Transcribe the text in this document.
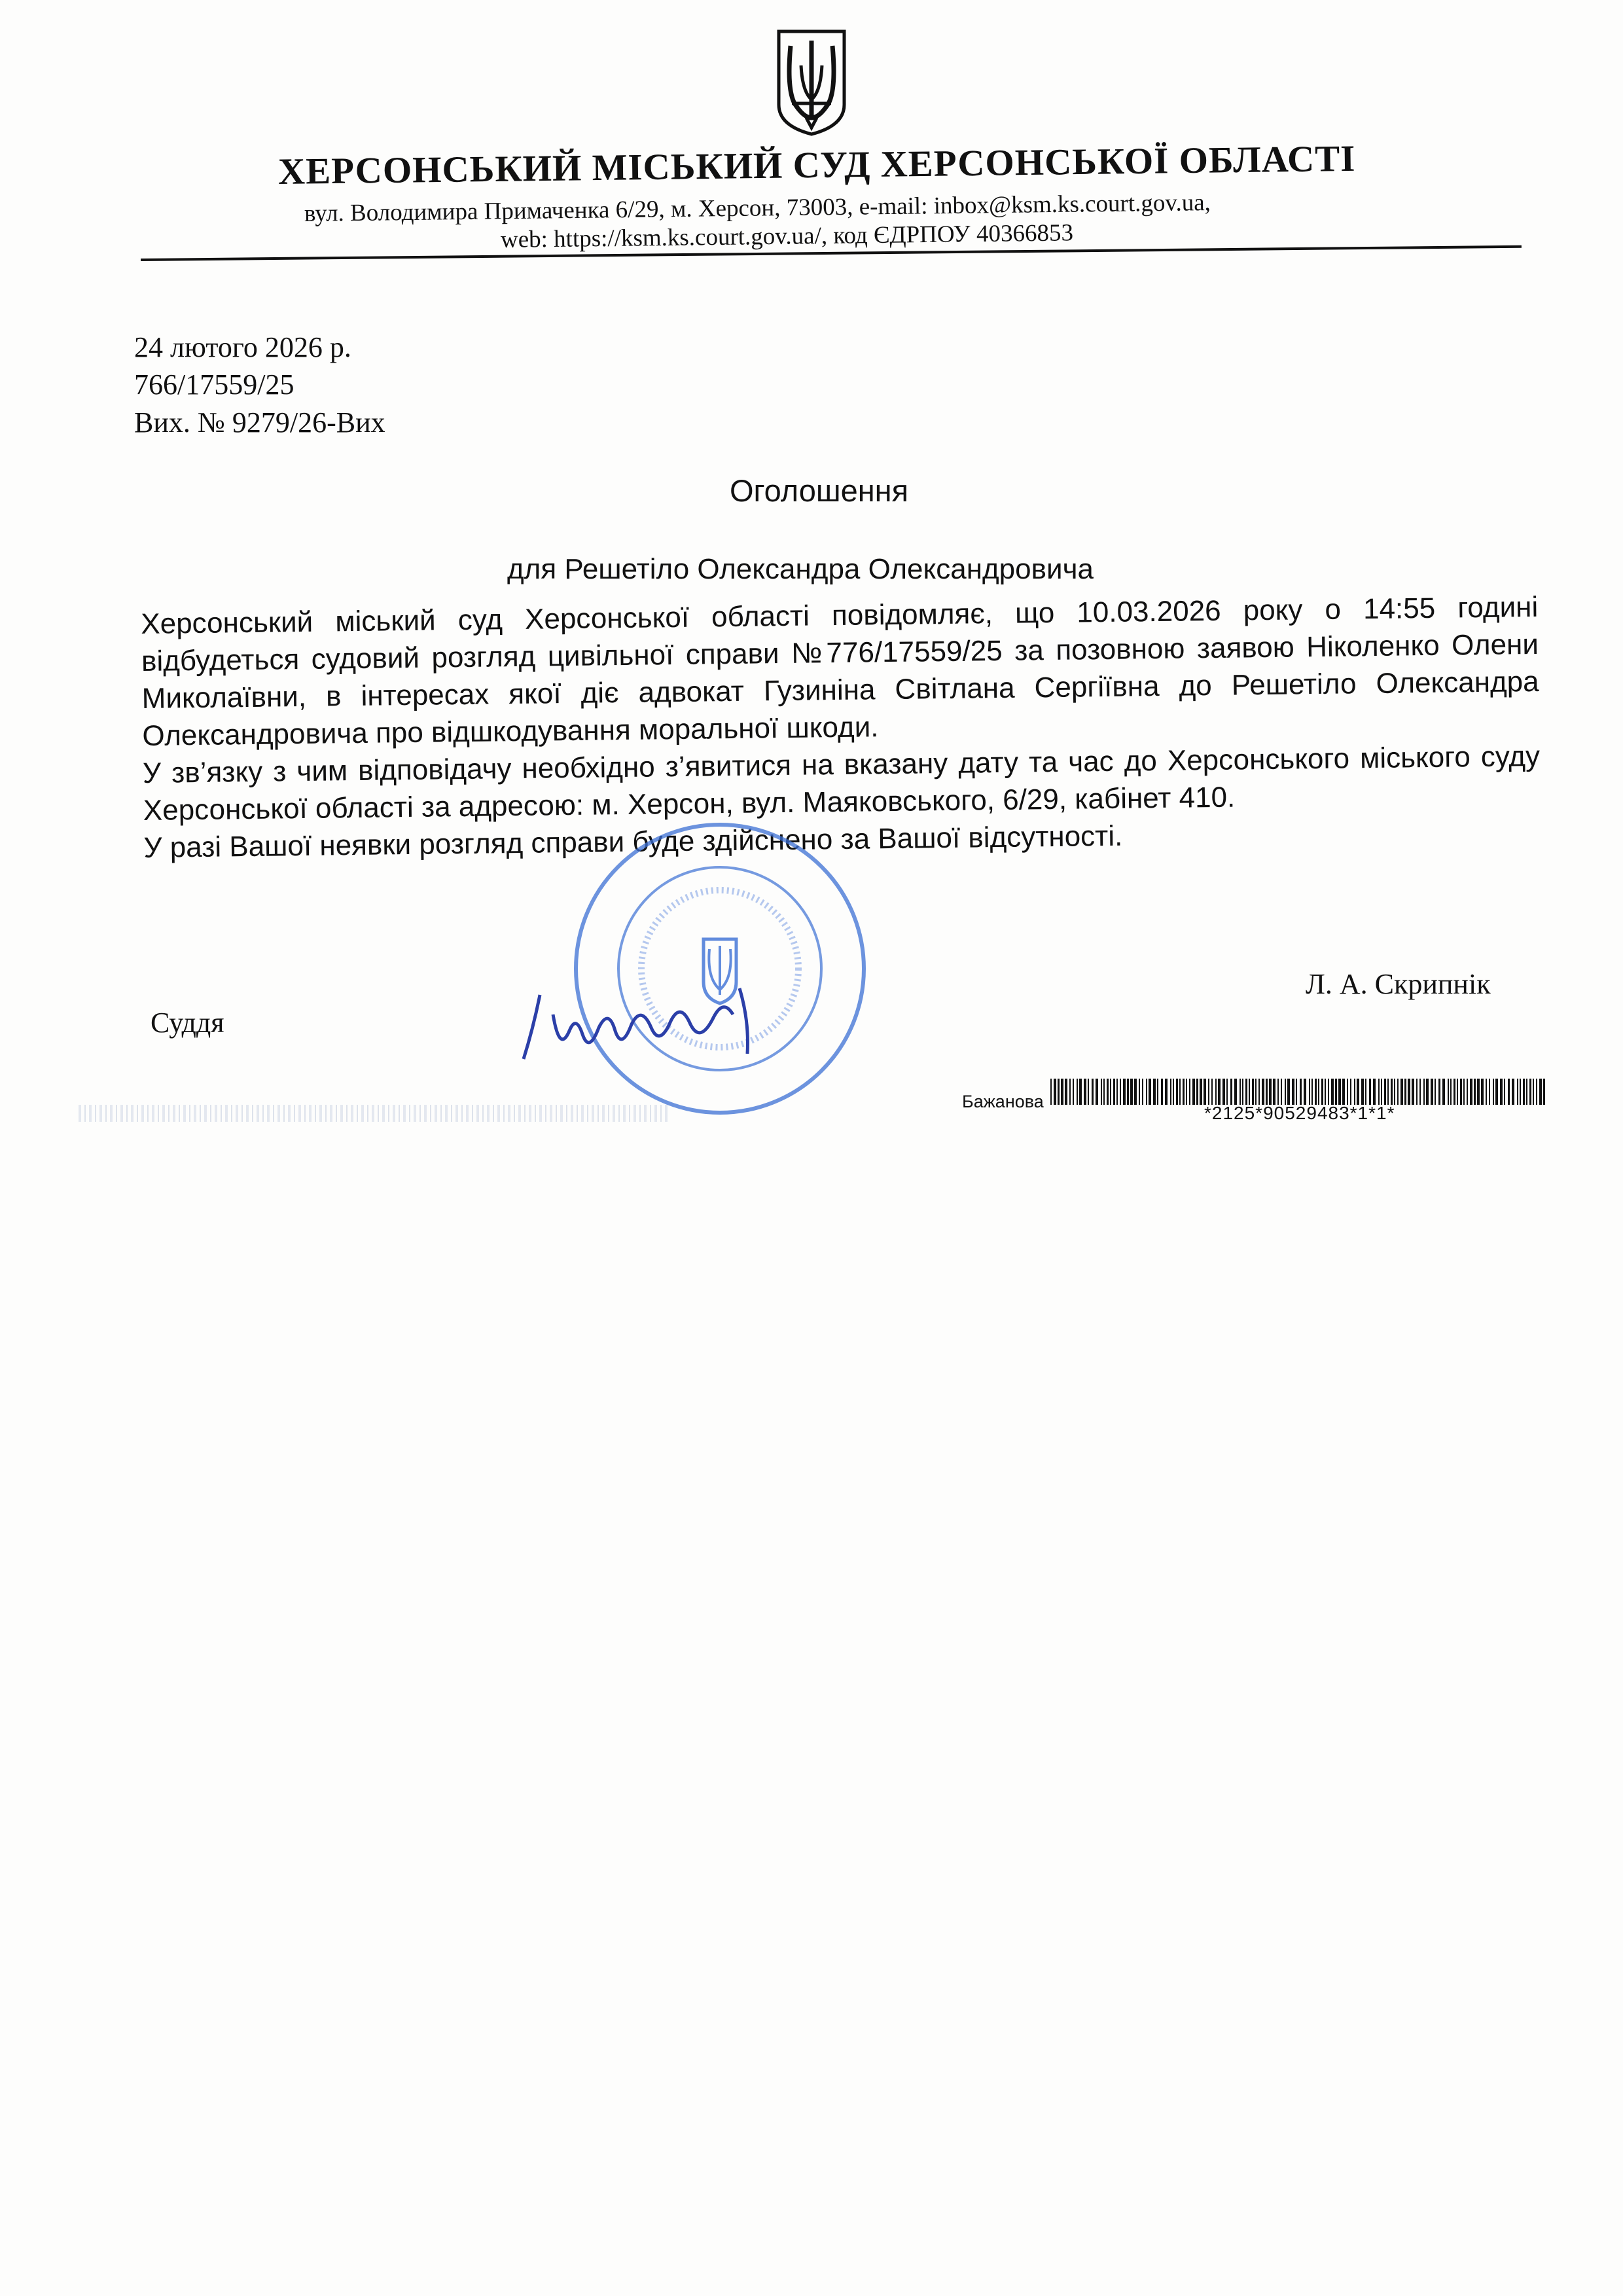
ХЕРСОНСЬКИЙ МІСЬКИЙ СУД ХЕРСОНСЬКОЇ ОБЛАСТІ
вул. Володимира Примаченка 6/29, м. Херсон, 73003, e-mail: inbox@ksm.ks.court.gov.ua,
web: https://ksm.ks.court.gov.ua/, код ЄДРПОУ 40366853
24 лютого 2026 р.
766/17559/25
Вих. № 9279/26-Вих
Оголошення
для Решетіло Олександра Олександровича

Херсонський міський суд Херсонської області повідомляє, що 10.03.2026 року о 14:55 годині відбудеться судовий розгляд цивільної справи №776/17559/25 за позовною заявою Ніколенко Олени Миколаївни, в інтересах якої діє адвокат Гузиніна Світлана Сергіївна до Решетіло Олександра Олександровича про відшкодування моральної шкоди.

У зв’язку з чим відповідачу необхідно з’явитися на вказану дату та час до Херсонського міського суду Херсонської області за адресою: м. Херсон, вул. Маяковського, 6/29, кабінет 410.

У разі Вашої неявки розгляд справи буде здійснено за Вашої відсутності.

Суддя
Л. А. Скрипнік
Бажанова
*2125*90529483*1*1*
